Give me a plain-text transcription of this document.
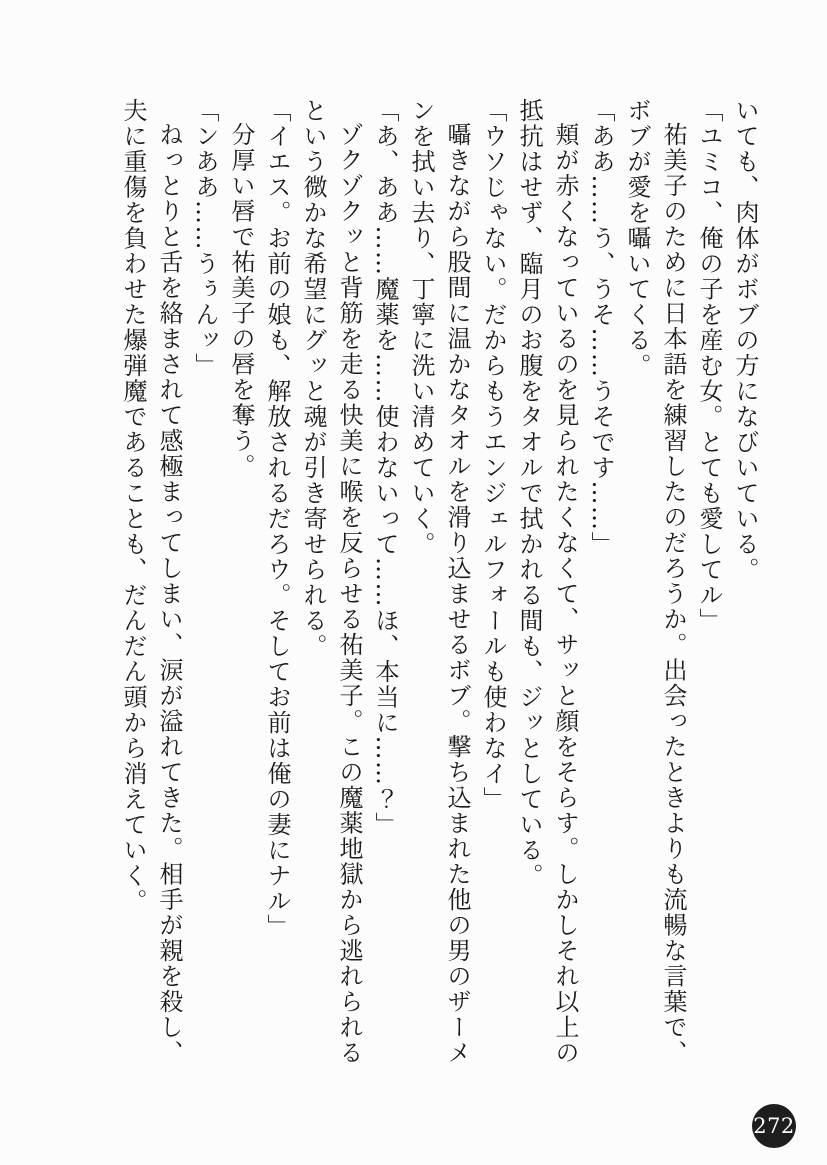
いても、肉体がボブの方になびいている。

「ユミコ、俺の子を産む女。とても愛してル」

祐美子のために日本語を練習したのだろうか。出会ったときよりも流暢な言葉で、

ボブが愛を囁いてくる。

「ああ……う、うそ……うそです……」

頬が赤くなっているのを見られたくなくて、サッと顔をそらす。しかしそれ以上の

抵抗はせず、臨月のお腹をタオルで拭かれる間も、ジッとしている。

「ウソじゃない。だからもうエンジェルフォールも使わなイ」

囁きながら股間に温かなタオルを滑り込ませるボブ。撃ち込まれた他の男のザーメ

ンを拭い去り、丁寧に洗い清めていく。

「あ、ああ……魔薬を……使わないって……ほ、本当に……？」

ゾクゾクッと背筋を走る快美に喉を反らせる祐美子。この魔薬地獄から逃れられる

という微かな希望にグッと魂が引き寄せられる。

「イエス。お前の娘も、解放されるだろウ。そしてお前は俺の妻にナル」

分厚い唇で祐美子の唇を奪う。

「ンああ……うぅんッ」

ねっとりと舌を絡まされて感極まってしまい、涙が溢れてきた。相手が親を殺し、

夫に重傷を負わせた爆弾魔であることも、だんだん頭から消えていく。

272
